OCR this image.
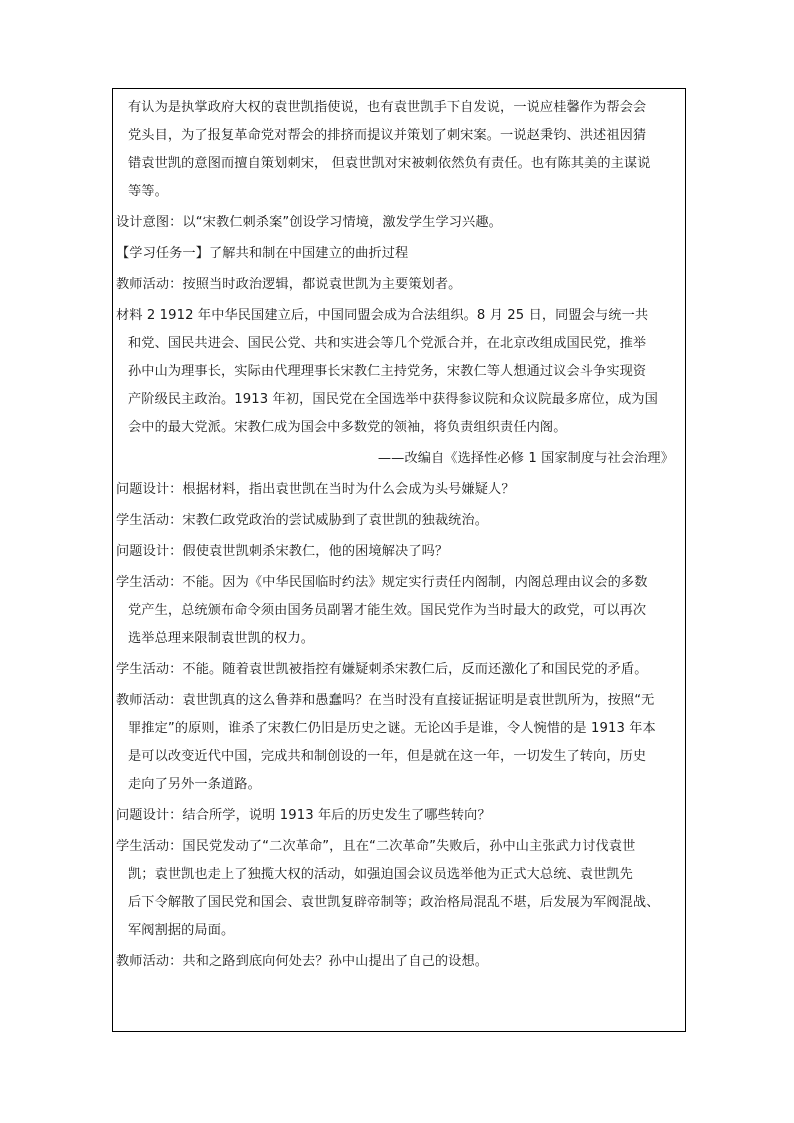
有认为是执掌政府大权的袁世凯指使说，也有袁世凯手下自发说，一说应桂馨作为帮会会
党头目，为了报复革命党对帮会的排挤而提议并策划了刺宋案。一说赵秉钧、洪述祖因猜
错袁世凯的意图而擅自策划刺宋， 但袁世凯对宋被刺依然负有责任。也有陈其美的主谋说
等等。
设计意图：以“宋教仁刺杀案”创设学习情境，激发学生学习兴趣。
【学习任务一】了解共和制在中国建立的曲折过程
教师活动：按照当时政治逻辑，都说袁世凯为主要策划者。
材料 2 1912 年中华民国建立后，中国同盟会成为合法组织。8 月 25 日，同盟会与统一共
和党、国民共进会、国民公党、共和实进会等几个党派合并，在北京改组成国民党，推举
孙中山为理事长，实际由代理理事长宋教仁主持党务，宋教仁等人想通过议会斗争实现资
产阶级民主政治。1913 年初，国民党在全国选举中获得参议院和众议院最多席位，成为国
会中的最大党派。宋教仁成为国会中多数党的领袖，将负责组织责任内阁。
——改编自《选择性必修 1 国家制度与社会治理》
问题设计：根据材料，指出袁世凯在当时为什么会成为头号嫌疑人？
学生活动：宋教仁政党政治的尝试威胁到了袁世凯的独裁统治。
问题设计：假使袁世凯刺杀宋教仁，他的困境解决了吗？
学生活动：不能。因为《中华民国临时约法》规定实行责任内阁制，内阁总理由议会的多数
党产生，总统颁布命令须由国务员副署才能生效。国民党作为当时最大的政党，可以再次
选举总理来限制袁世凯的权力。
学生活动：不能。随着袁世凯被指控有嫌疑刺杀宋教仁后，反而还激化了和国民党的矛盾。
教师活动：袁世凯真的这么鲁莽和愚蠢吗？在当时没有直接证据证明是袁世凯所为，按照“无
罪推定”的原则，谁杀了宋教仁仍旧是历史之谜。无论凶手是谁，令人惋惜的是 1913 年本
是可以改变近代中国，完成共和制创设的一年，但是就在这一年，一切发生了转向，历史
走向了另外一条道路。
问题设计：结合所学，说明 1913 年后的历史发生了哪些转向？
学生活动：国民党发动了“二次革命”，且在“二次革命”失败后，孙中山主张武力讨伐袁世
凯；袁世凯也走上了独揽大权的活动，如强迫国会议员选举他为正式大总统、袁世凯先
后下令解散了国民党和国会、袁世凯复辟帝制等；政治格局混乱不堪，后发展为军阀混战、
军阀割据的局面。
教师活动：共和之路到底向何处去？孙中山提出了自己的设想。
